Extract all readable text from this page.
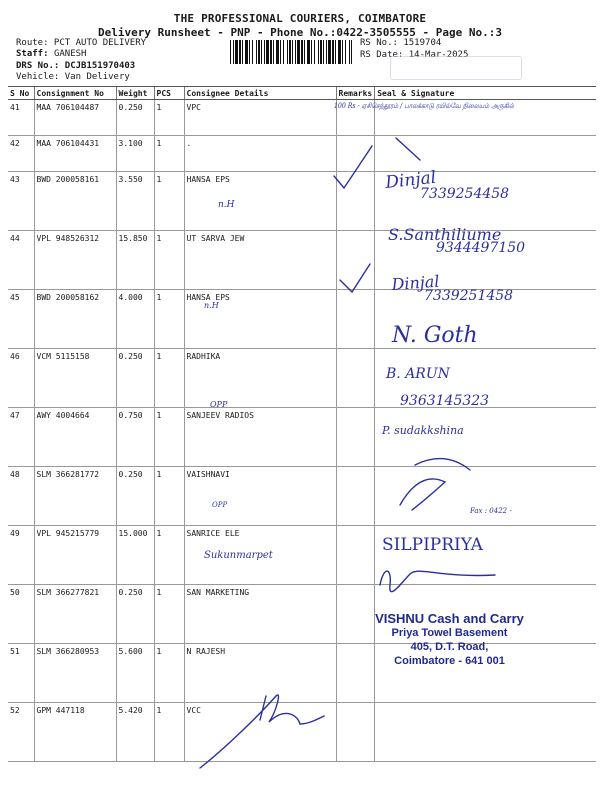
THE PROFESSIONAL COURIERS, COIMBATORE
Delivery Runsheet - PNP - Phone No.:0422-3505555 - Page No.:3
Route: PCT AUTO DELIVERY
Staff: GANESH
DRS No.: DCJB151970403
Vehicle: Van Delivery
RS No.: 1519704
RS Date: 14-Mar-2025
S No	Consignment No	Weight	PCS	Consignee Details	Remarks	Seal & Signature
41	MAA 706104487	0.250	1	VPC		
42	MAA 706104431	3.100	1	.		
43	BWD 200058161	3.550	1	HANSA EPS		
44	VPL 948526312	15.850	1	UT SARVA JEW		
45	BWD 200058162	4.000	1	HANSA EPS		
46	VCM 5115158	0.250	1	RADHIKA		
47	AWY 4004664	0.750	1	SANJEEV RADIOS		
48	SLM 366281772	0.250	1	VAISHNAVI		
49	VPL 945215779	15.000	1	SANRICE ELE		
50	SLM 366277821	0.250	1	SAN MARKETING		
51	SLM 366280953	5.600	1	N RAJESH		
52	GPM 447118	5.420	1	VCC		
100 Rs - ஏசிசெந்தூரம் / பாலக்காடு ரயில்வே நிலையம் அருகில்
n.H
Dinjal
7339254458
S.Santhiliume
9344497150
Dinjal
7339251458
n.H
N. Goth
B. ARUN
9363145323
OPP
P. sudakkshina
OPP
Fax : 0422 -
SILPIPRIYA
Sukunmarpet
VISHNU Cash and Carry
Priya Towel Basement
405, D.T. Road,
Coimbatore - 641 001
